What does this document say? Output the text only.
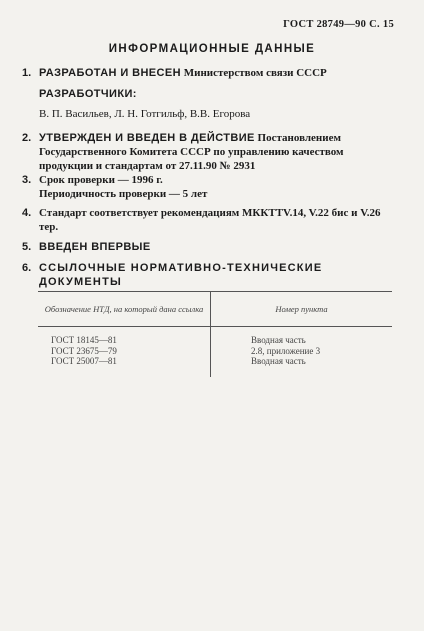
ГОСТ 28749—90 С. 15
ИНФОРМАЦИОННЫЕ ДАННЫЕ
1. РАЗРАБОТАН И ВНЕСЕН Министерством связи СССР
РАЗРАБОТЧИКИ:
В. П. Васильев, Л. Н. Готгильф, В.В. Егорова
2. УТВЕРЖДЕН И ВВЕДЕН В ДЕЙСТВИЕ Постановлением Государственного Комитета СССР по управлению качеством продукции и стандартам от 27.11.90 № 2931
3. Срок проверки — 1996 г.
Периодичность проверки — 5 лет
4. Стандарт соответствует рекомендациям МККТТV.14, V.22 бис и V.26 тер.
5. ВВЕДЕН ВПЕРВЫЕ
6. ССЫЛОЧНЫЕ НОРМАТИВНО-ТЕХНИЧЕСКИЕ ДОКУМЕНТЫ
Обозначение НТД, на который дана ссылка	Номер пункта

ГОСТ 18145—81	Вводная часть
ГОСТ 23675—79	2.8, приложение 3
ГОСТ 25007—81	Вводная часть
